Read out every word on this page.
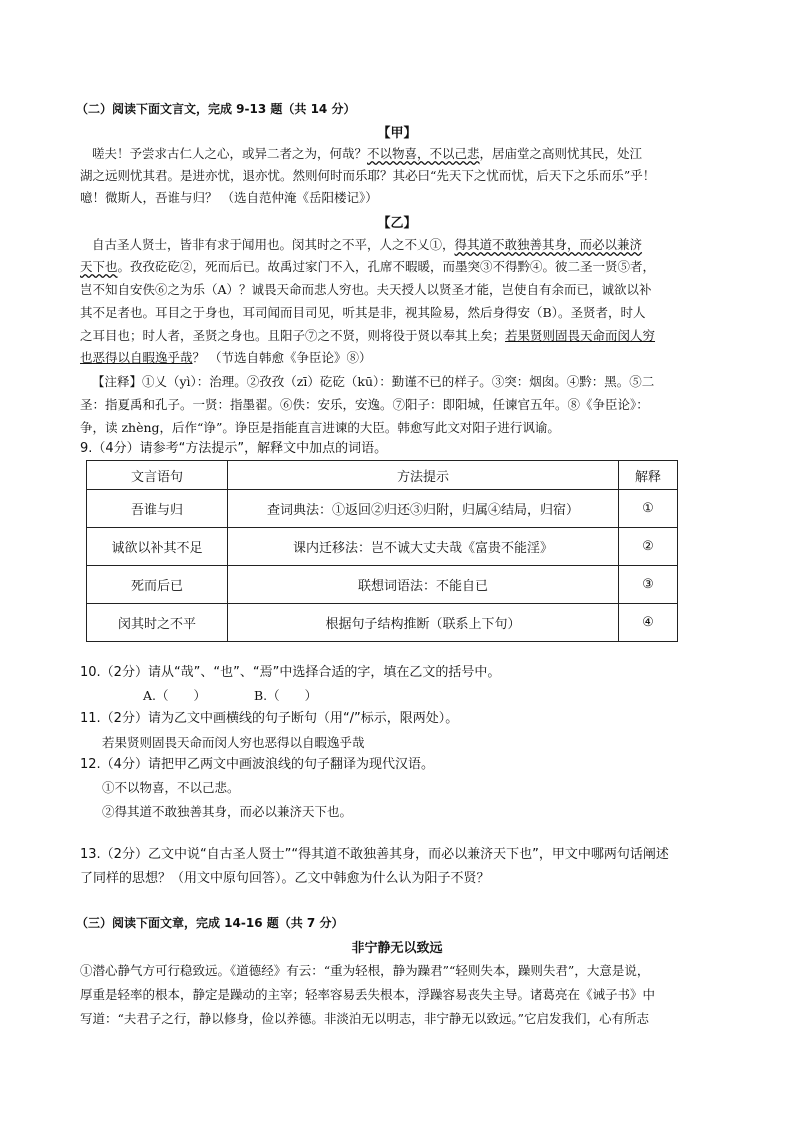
（二）阅读下面文言文，完成 9-13 题（共 14 分）
【甲】
嗟夫！予尝求古仁人之心，或异二者之为，何哉？不以物喜，不以己悲，居庙堂之高则忧其民，处江
湖之远则忧其君。是进亦忧，退亦忧。然则何时而乐耶？其必曰“先天下之忧而忧，后天下之乐而乐”乎！
噫！微斯人，吾谁与归？ （选自范仲淹《岳阳楼记》）
【乙】
自古圣人贤士，皆非有求于闻用也。闵其时之不平，人之不乂①，得其道不敢独善其身，而必以兼济
天下也。孜孜矻矻②，死而后已。故禹过家门不入，孔席不暇暖，而墨突③不得黔④。彼二圣一贤⑤者，
岂不知自安佚⑥之为乐（A）？诚畏天命而悲人穷也。夫天授人以贤圣才能，岂使自有余而已，诚欲以补
其不足者也。耳目之于身也，耳司闻而目司见，听其是非，视其险易，然后身得安（B）。圣贤者，时人
之耳目也；时人者，圣贤之身也。且阳子⑦之不贤，则将役于贤以奉其上矣；若果贤则固畏天命而闵人穷
也恶得以自暇逸乎哉？ （节选自韩愈《争臣论》⑧）
【注释】①乂（yì）：治理。②孜孜（zī）矻矻（kū）：勤谨不已的样子。③突：烟囱。④黔：黑。⑤二
圣：指夏禹和孔子。一贤：指墨翟。⑥佚：安乐，安逸。⑦阳子：即阳城，任谏官五年。⑧《争臣论》：
争，读 zhèng，后作“诤”。诤臣是指能直言进谏的大臣。韩愈写此文对阳子进行讽谕。
9.（4分）请参考“方法提示”，解释文中加点的词语。
文言语句	方法提示	解释
吾谁与归	查词典法：①返回②归还③归附，归属④结局，归宿）	①
诚欲以补其不足	课内迁移法：岂不诚大丈夫哉《富贵不能淫》	②
死而后已	联想词语法：不能自已	③
闵其时之不平	根据句子结构推断（联系上下句）	④
10.（2分）请从“哉”、“也”、“焉”中选择合适的字，填在乙文的括号中。
A.（　　）	B.（　　）
11.（2分）请为乙文中画横线的句子断句（用“/”标示，限两处）。
若果贤则固畏天命而闵人穷也恶得以自暇逸乎哉
12.（4分）请把甲乙两文中画波浪线的句子翻译为现代汉语。
①不以物喜，不以己悲。
②得其道不敢独善其身，而必以兼济天下也。
13.（2分）乙文中说“自古圣人贤士”“得其道不敢独善其身，而必以兼济天下也”，甲文中哪两句话阐述
了同样的思想？（用文中原句回答）。乙文中韩愈为什么认为阳子不贤？
（三）阅读下面文章，完成 14-16 题（共 7 分）
非宁静无以致远
①潜心静气方可行稳致远。《道德经》有云：“重为轻根，静为躁君”“轻则失本，躁则失君”，大意是说，
厚重是轻率的根本，静定是躁动的主宰；轻率容易丢失根本，浮躁容易丧失主导。诸葛亮在《诫子书》中
写道：“夫君子之行，静以修身，俭以养德。非淡泊无以明志，非宁静无以致远。”它启发我们，心有所志
